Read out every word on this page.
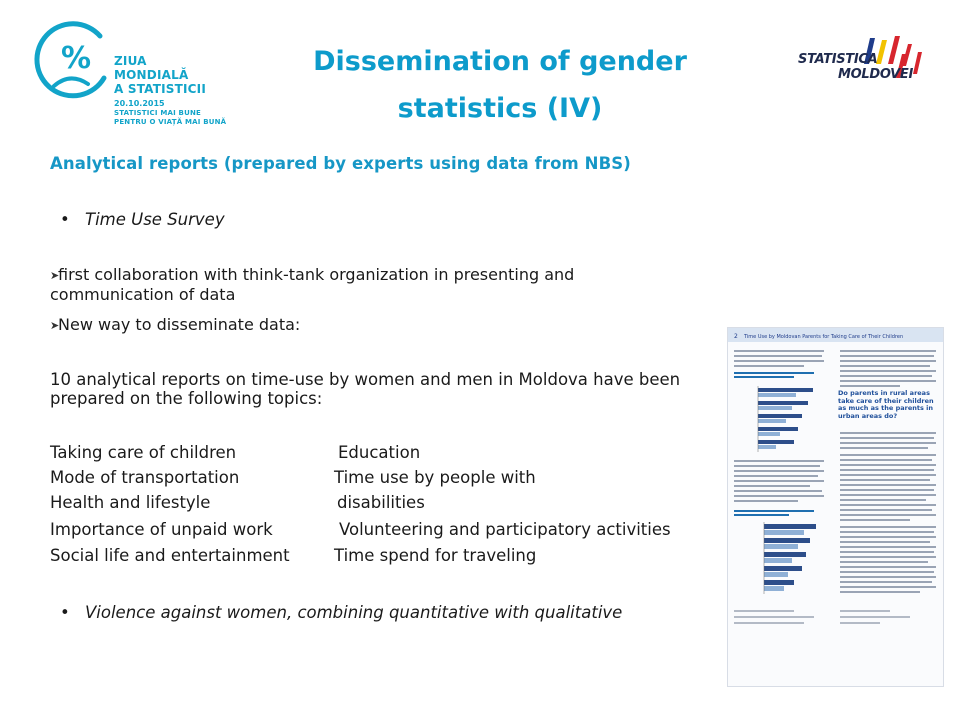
% ZIUA
MONDIALĂ
A STATISTICII
20.10.2015
STATISTICI MAI BUNE
PENTRU O VIAȚĂ MAI BUNĂ
Dissemination of gender
statistics (IV)
STATISTICA
MOLDOVEI
Analytical reports (prepared by experts using data from NBS)
• Time Use Survey
➤first collaboration with think-tank organization in presenting and communication of data
➤New way to disseminate data:
10 analytical reports on time-use by women and men in Moldova have been prepared on the following topics:
Taking care of children	Education
Mode of transportation	Time use by people with
Health and lifestyle	disabilities
Importance of unpaid work	Volunteering and participatory activities
Social life and entertainment	Time spend for traveling
• Violence against women, combining quantitative with qualitative
2 Time Use by Moldovan Parents for Taking Care of Their Children
Do parents in rural areas take care of their children as much as the parents in urban areas do?
